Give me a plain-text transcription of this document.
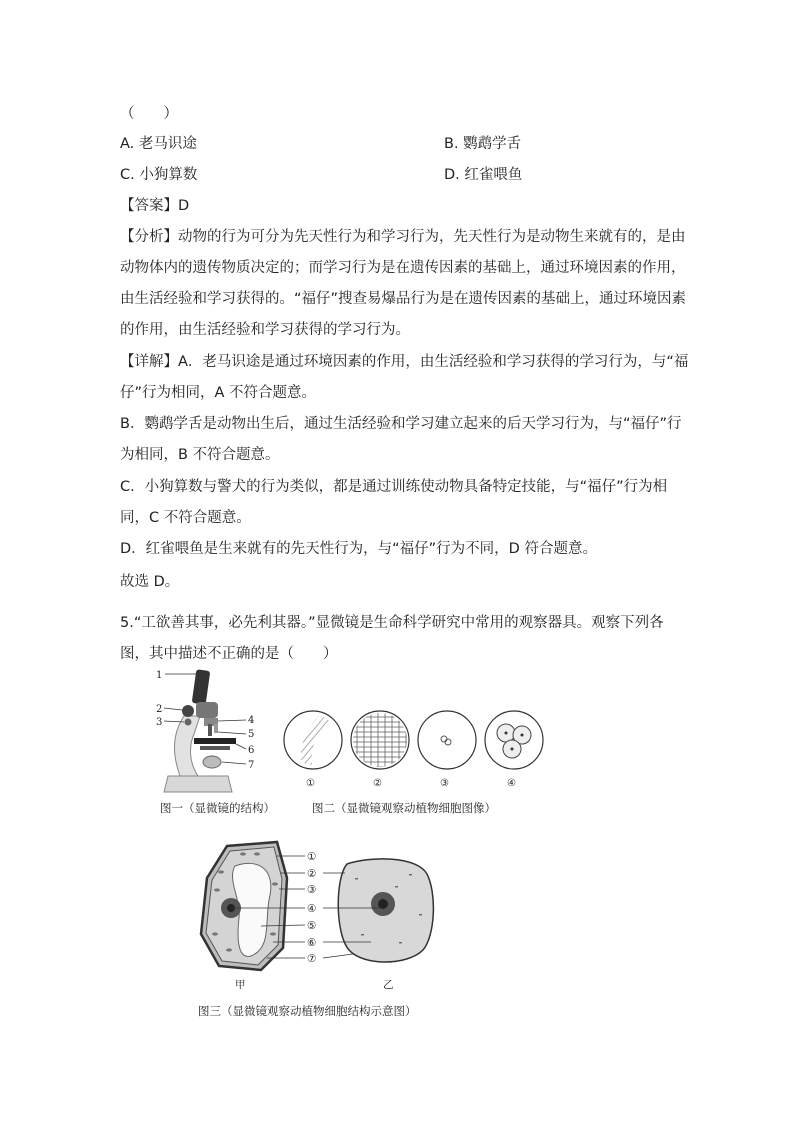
（　　）
A. 老马识途	B. 鹦鹉学舌
C. 小狗算数	D. 红雀喂鱼
【答案】D
【分析】动物的行为可分为先天性行为和学习行为，先天性行为是动物生来就有的，是由
动物体内的遗传物质决定的；而学习行为是在遗传因素的基础上，通过环境因素的作用，
由生活经验和学习获得的。“福仔”搜查易爆品行为是在遗传因素的基础上，通过环境因素
的作用，由生活经验和学习获得的学习行为。
【详解】A．老马识途是通过环境因素的作用，由生活经验和学习获得的学习行为，与“福
仔”行为相同，A 不符合题意。
B．鹦鹉学舌是动物出生后，通过生活经验和学习建立起来的后天学习行为，与“福仔”行
为相同，B 不符合题意。
C．小狗算数与警犬的行为类似，都是通过训练使动物具备特定技能，与“福仔”行为相
同，C 不符合题意。
D．红雀喂鱼是生来就有的先天性行为，与“福仔”行为不同，D 符合题意。
故选 D。
5.“工欲善其事，必先利其器。”显微镜是生命科学研究中常用的观察器具。观察下列各
图，其中描述不正确的是（　　）
1
2
3	4
5
6
7
图一（显微镜的结构）
①	②	③	④
图二（显微镜观察动植物细胞图像）
①
②
③
④
⑤
⑥
⑦
甲	乙
图三（显微镜观察动植物细胞结构示意图）
